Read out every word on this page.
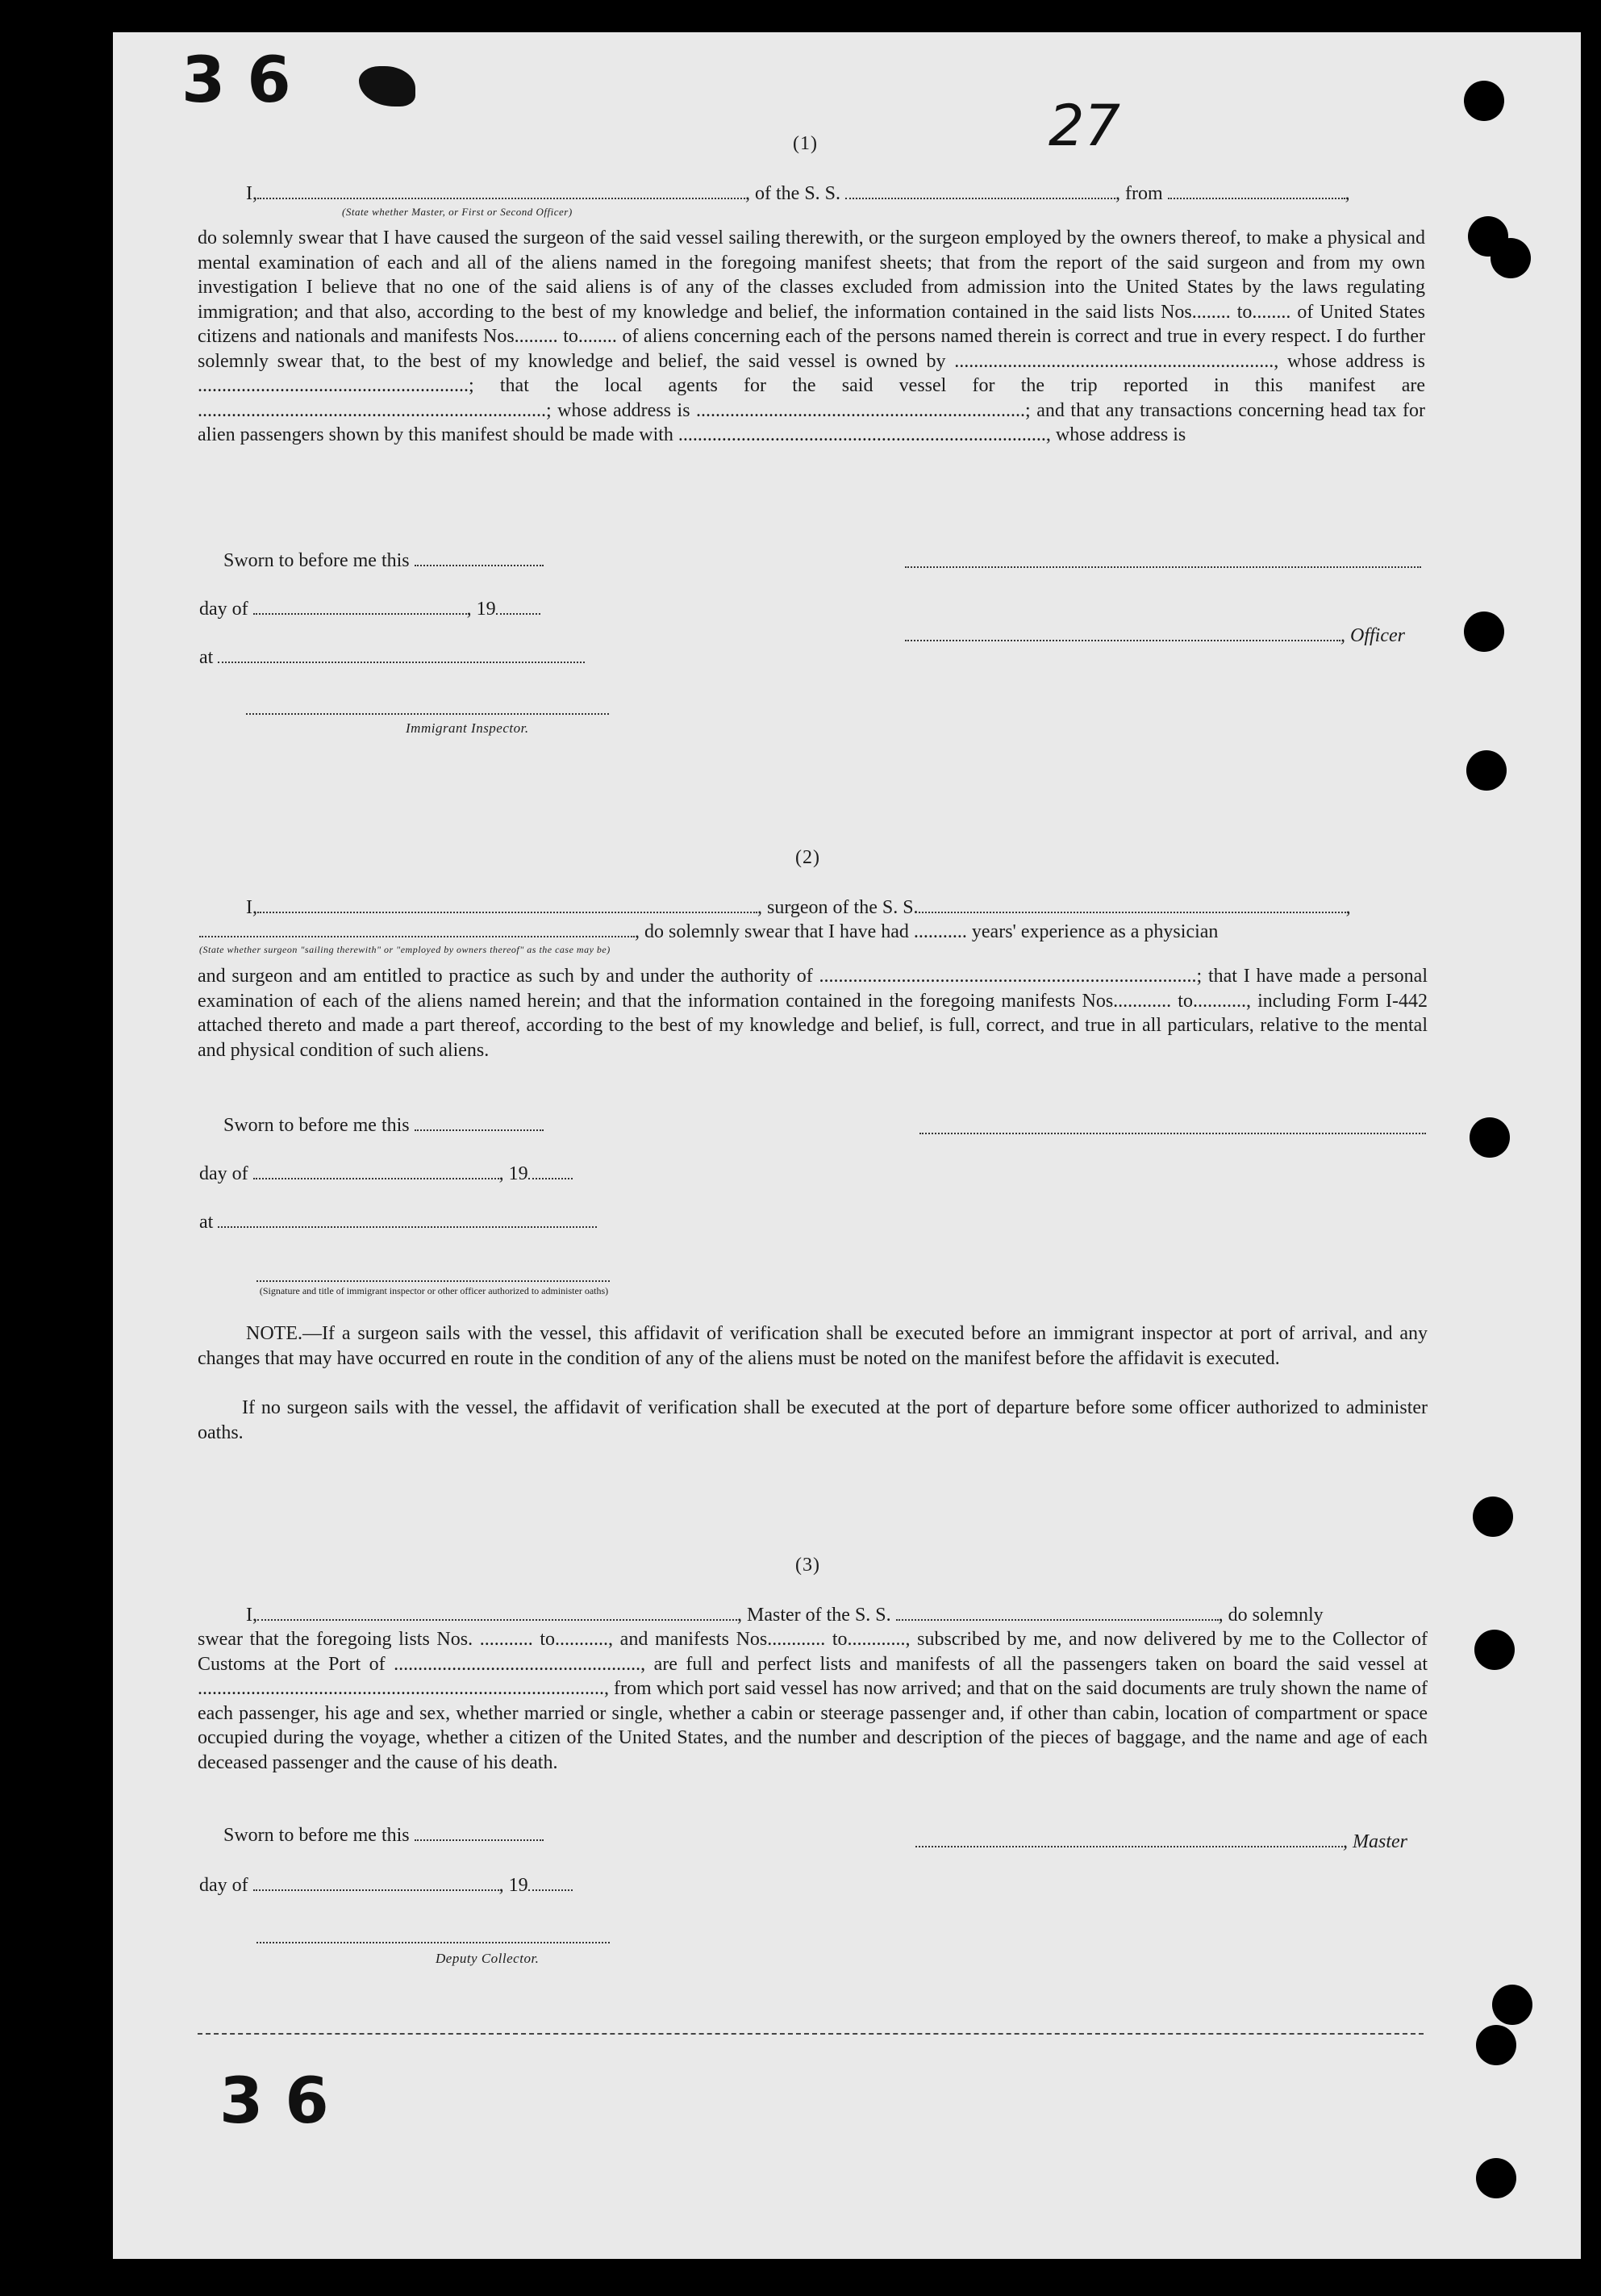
3 6
27
3 6
(1)
I,	, of the S. S.	, from	,
(State whether Master, or First or Second Officer)
do solemnly swear that I have caused the surgeon of the said vessel sailing therewith, or the surgeon employed by the owners thereof, to make a physical and mental examination of each and all of the aliens named in the foregoing manifest sheets; that from the report of the said surgeon and from my own investigation I believe that no one of the said aliens is of any of the classes excluded from admission into the United States by the laws regulating immigration; and that also, according to the best of my knowledge and belief, the information contained in the said lists Nos........ to........ of United States citizens and nationals and manifests Nos......... to........ of aliens concerning each of the persons named therein is correct and true in every respect. I do further solemnly swear that, to the best of my knowledge and belief, the said vessel is owned by .................................................................., whose address is ........................................................; that the local agents for the said vessel for the trip reported in this manifest are ........................................................................; whose address is ....................................................................; and that any transactions concerning head tax for alien passengers shown by this manifest should be made with ............................................................................, whose address is
Sworn to before me this
day of	, 19
, Officer
at
Immigrant Inspector.
(2)
I,	, surgeon of the S. S.	,
, do solemnly swear that I have had ........... years' experience as a physician
(State whether surgeon "sailing therewith" or "employed by owners thereof" as the case may be)
and surgeon and am entitled to practice as such by and under the authority of ..............................................................................; that I have made a personal examination of each of the aliens named herein; and that the information contained in the foregoing manifests Nos............ to..........., including Form I-442 attached thereto and made a part thereof, according to the best of my knowledge and belief, is full, correct, and true in all particulars, relative to the mental and physical condition of such aliens.
Sworn to before me this
day of	, 19
at
(Signature and title of immigrant inspector or other officer authorized to administer oaths)
NOTE.—If a surgeon sails with the vessel, this affidavit of verification shall be executed before an immigrant inspector at port of arrival, and any changes that may have occurred en route in the condition of any of the aliens must be noted on the manifest before the affidavit is executed.
If no surgeon sails with the vessel, the affidavit of verification shall be executed at the port of departure before some officer authorized to administer oaths.
(3)
I,	, Master of the S. S.	, do solemnly
swear that the foregoing lists Nos. ........... to..........., and manifests Nos............ to............, subscribed by me, and now delivered by me to the Collector of Customs at the Port of ..................................................., are full and perfect lists and manifests of all the passengers taken on board the said vessel at ...................................................................................., from which port said vessel has now arrived; and that on the said documents are truly shown the name of each passenger, his age and sex, whether married or single, whether a cabin or steerage passenger and, if other than cabin, location of compartment or space occupied during the voyage, whether a citizen of the United States, and the number and description of the pieces of baggage, and the name and age of each deceased passenger and the cause of his death.
Sworn to before me this	, Master
day of	, 19
Deputy Collector.
